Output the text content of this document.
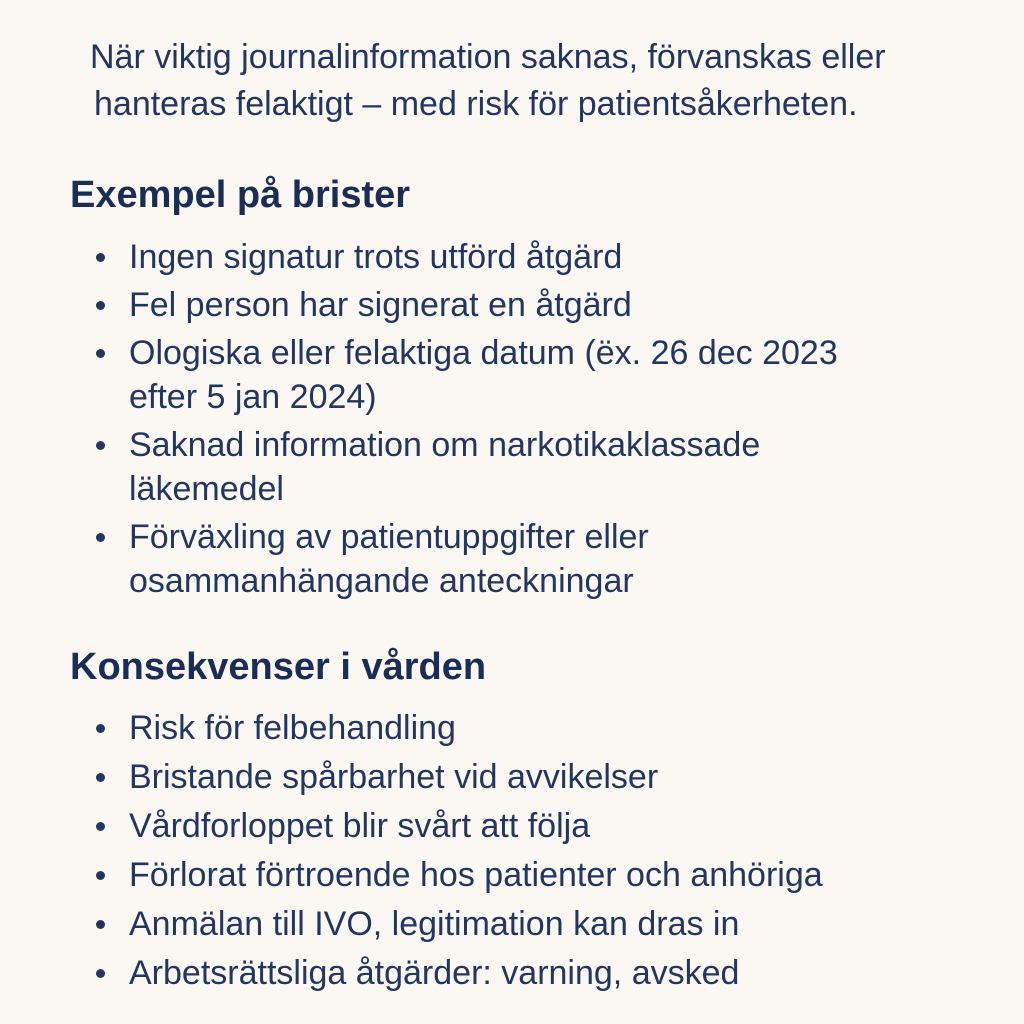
När viktig journalinformation saknas, förvanskas eller
hanteras felaktigt – med risk för patientsåkerheten.

Exempel på brister
Ingen signatur trots utförd åtgärd
Fel person har signerat en åtgärd
Ologiska eller felaktiga datum (ëx. 26 dec 2023
efter 5 jan 2024)
Saknad information om narkotikaklassade
läkemedel
Förväxling av patientuppgifter eller
osammanhängande anteckningar
Konsekvenser i vården
Risk för felbehandling
Bristande spårbarhet vid avvikelser
Vårdforloppet blir svårt att följa
Förlorat förtroende hos patienter och anhöriga
Anmälan till IVO, legitimation kan dras in
Arbetsrättsliga åtgärder: varning, avsked
